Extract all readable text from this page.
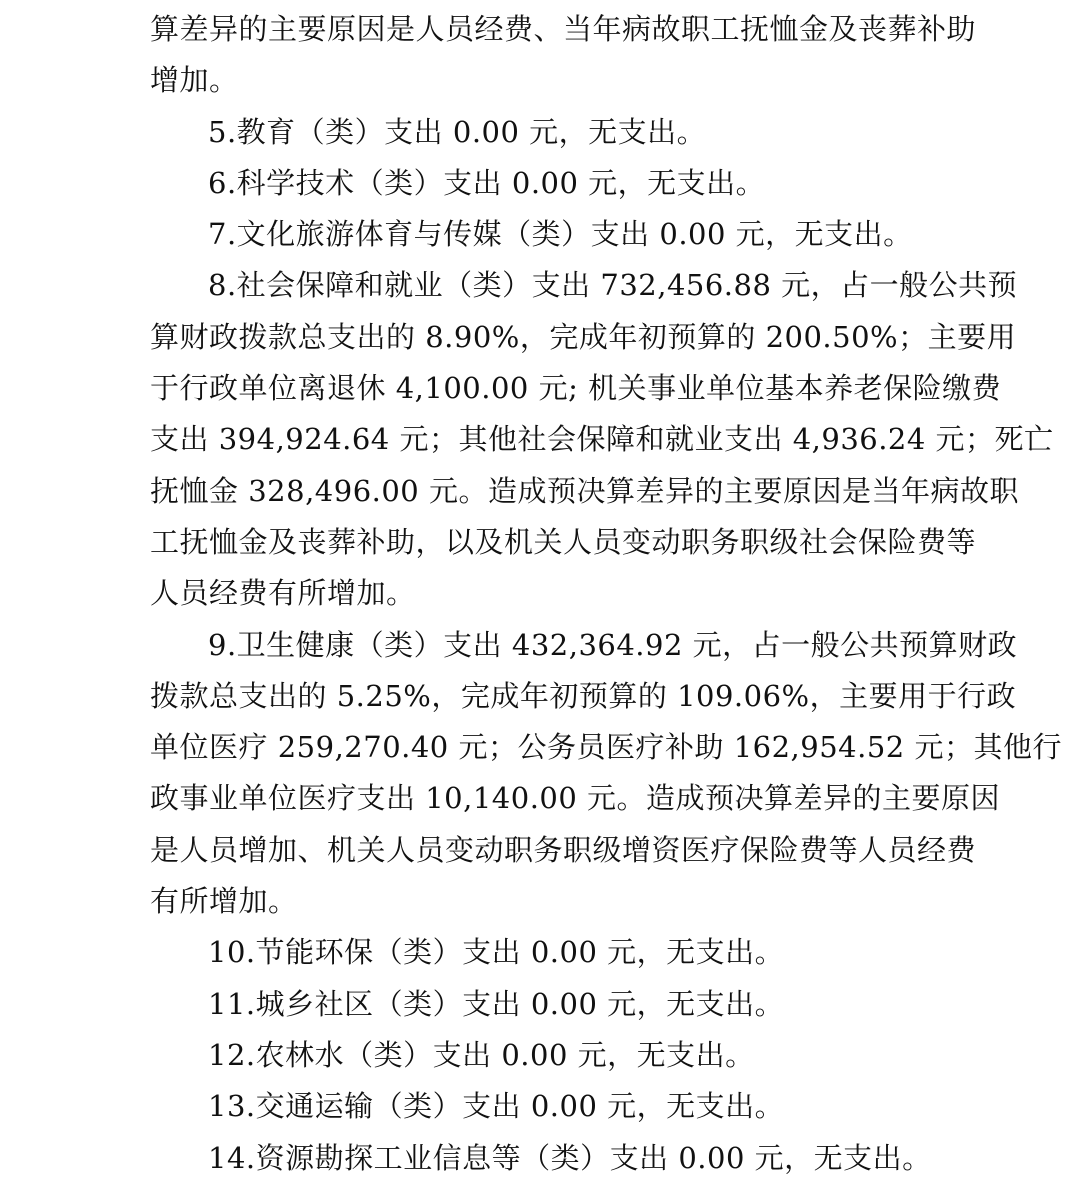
算差异的主要原因是人员经费、当年病故职工抚恤金及丧葬补助
增加。
5.教育（类）支出 0.00 元，无支出。
6.科学技术（类）支出 0.00 元，无支出。
7.文化旅游体育与传媒（类）支出 0.00 元，无支出。
8.社会保障和就业（类）支出 732,456.88 元，占一般公共预
算财政拨款总支出的 8.90%，完成年初预算的 200.50%；主要用
于行政单位离退休 4,100.00 元; 机关事业单位基本养老保险缴费
支出 394,924.64 元；其他社会保障和就业支出 4,936.24 元；死亡
抚恤金 328,496.00 元。造成预决算差异的主要原因是当年病故职
工抚恤金及丧葬补助，以及机关人员变动职务职级社会保险费等
人员经费有所增加。
9.卫生健康（类）支出 432,364.92 元，占一般公共预算财政
拨款总支出的 5.25%，完成年初预算的 109.06%，主要用于行政
单位医疗 259,270.40 元；公务员医疗补助 162,954.52 元；其他行
政事业单位医疗支出 10,140.00 元。造成预决算差异的主要原因
是人员增加、机关人员变动职务职级增资医疗保险费等人员经费
有所增加。
10.节能环保（类）支出 0.00 元，无支出。
11.城乡社区（类）支出 0.00 元，无支出。
12.农林水（类）支出 0.00 元，无支出。
13.交通运输（类）支出 0.00 元，无支出。
14.资源勘探工业信息等（类）支出 0.00 元，无支出。
